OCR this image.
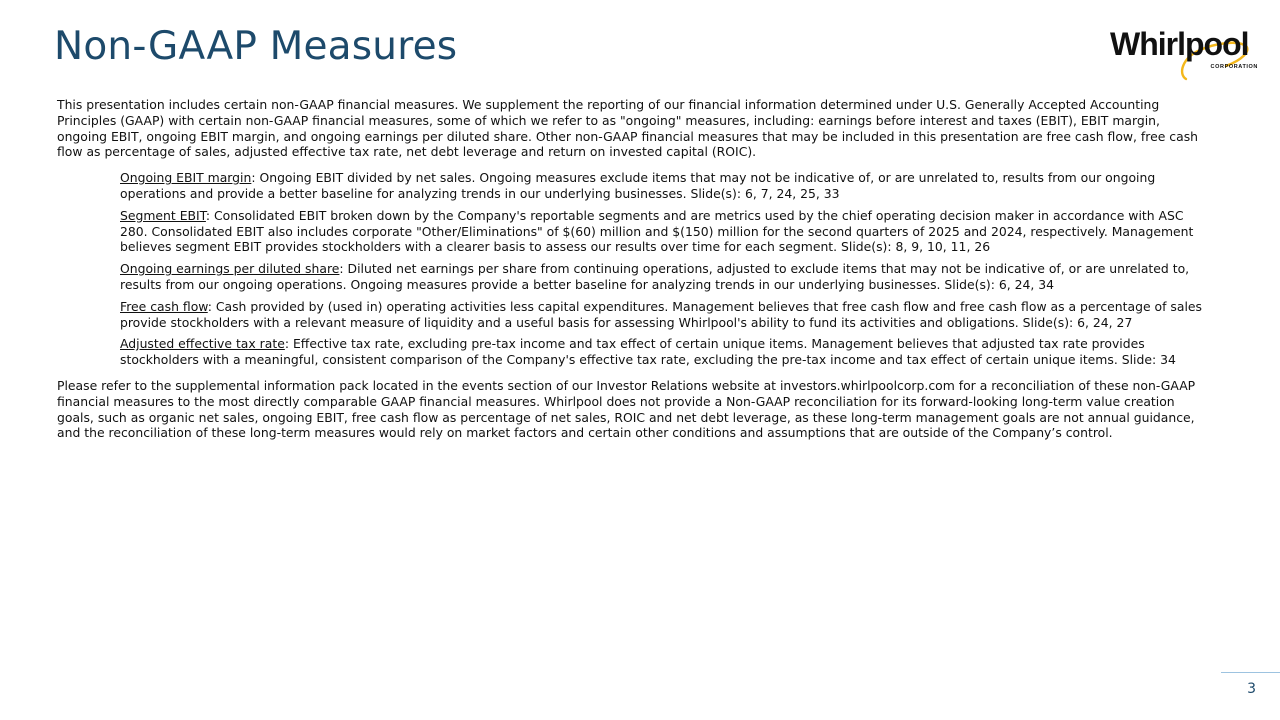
Non-GAAP Measures	Whirlpool
CORPORATION

This presentation includes certain non-GAAP financial measures. We supplement the reporting of our financial information determined under U.S. Generally Accepted Accounting Principles (GAAP) with certain non-GAAP financial measures, some of which we refer to as "ongoing" measures, including: earnings before interest and taxes (EBIT), EBIT margin, ongoing EBIT, ongoing EBIT margin, and ongoing earnings per diluted share. Other non-GAAP financial measures that may be included in this presentation are free cash flow, free cash flow as percentage of sales, adjusted effective tax rate, net debt leverage and return on invested capital (ROIC).

Ongoing EBIT margin: Ongoing EBIT divided by net sales. Ongoing measures exclude items that may not be indicative of, or are unrelated to, results from our ongoing operations and provide a better baseline for analyzing trends in our underlying businesses. Slide(s): 6, 7, 24, 25, 33
Segment EBIT: Consolidated EBIT broken down by the Company's reportable segments and are metrics used by the chief operating decision maker in accordance with ASC 280. Consolidated EBIT also includes corporate "Other/Eliminations" of $(60) million and $(150) million for the second quarters of 2025 and 2024, respectively. Management believes segment EBIT provides stockholders with a clearer basis to assess our results over time for each segment. Slide(s): 8, 9, 10, 11, 26
Ongoing earnings per diluted share: Diluted net earnings per share from continuing operations, adjusted to exclude items that may not be indicative of, or are unrelated to, results from our ongoing operations. Ongoing measures provide a better baseline for analyzing trends in our underlying businesses. Slide(s): 6, 24, 34
Free cash flow: Cash provided by (used in) operating activities less capital expenditures. Management believes that free cash flow and free cash flow as a percentage of sales provide stockholders with a relevant measure of liquidity and a useful basis for assessing Whirlpool's ability to fund its activities and obligations. Slide(s): 6, 24, 27
Adjusted effective tax rate: Effective tax rate, excluding pre-tax income and tax effect of certain unique items. Management believes that adjusted tax rate provides stockholders with a meaningful, consistent comparison of the Company's effective tax rate, excluding the pre-tax income and tax effect of certain unique items. Slide: 34

Please refer to the supplemental information pack located in the events section of our Investor Relations website at investors.whirlpoolcorp.com for a reconciliation of these non-GAAP financial measures to the most directly comparable GAAP financial measures. Whirlpool does not provide a Non-GAAP reconciliation for its forward-looking long-term value creation goals, such as organic net sales, ongoing EBIT, free cash flow as percentage of net sales, ROIC and net debt leverage, as these long-term management goals are not annual guidance, and the reconciliation of these long-term measures would rely on market factors and certain other conditions and assumptions that are outside of the Company’s control.

3
